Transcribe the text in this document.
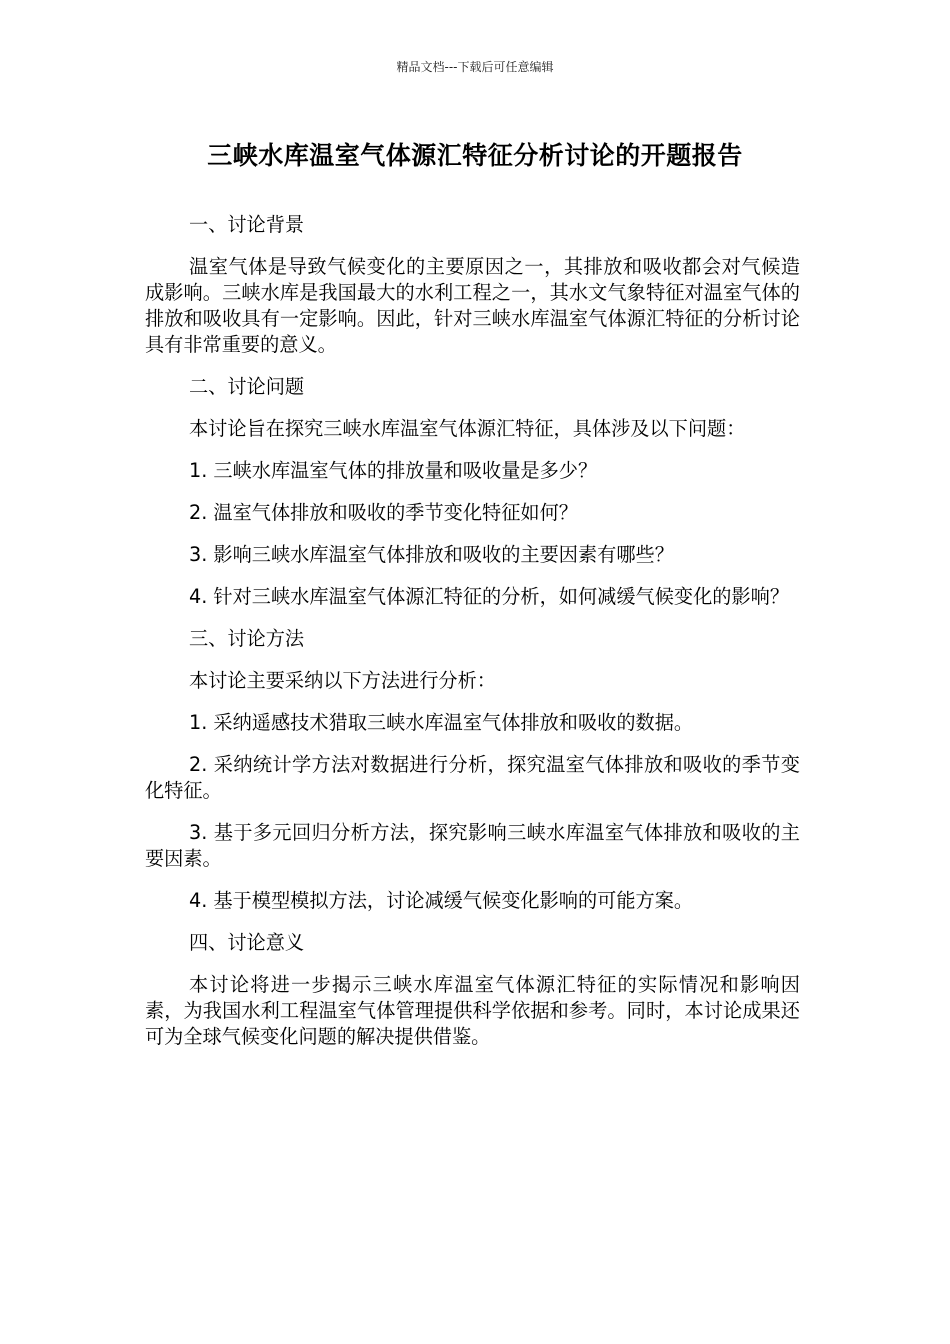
精品文档---下载后可任意编辑
三峡水库温室气体源汇特征分析讨论的开题报告

一、讨论背景

温室气体是导致气候变化的主要原因之一，其排放和吸收都会对气候造成影响。三峡水库是我国最大的水利工程之一，其水文气象特征对温室气体的排放和吸收具有一定影响。因此，针对三峡水库温室气体源汇特征的分析讨论具有非常重要的意义。

二、讨论问题

本讨论旨在探究三峡水库温室气体源汇特征，具体涉及以下问题：

1. 三峡水库温室气体的排放量和吸收量是多少？

2. 温室气体排放和吸收的季节变化特征如何？

3. 影响三峡水库温室气体排放和吸收的主要因素有哪些？

4. 针对三峡水库温室气体源汇特征的分析，如何减缓气候变化的影响？

三、讨论方法

本讨论主要采纳以下方法进行分析：

1. 采纳遥感技术猎取三峡水库温室气体排放和吸收的数据。

2. 采纳统计学方法对数据进行分析，探究温室气体排放和吸收的季节变化特征。

3. 基于多元回归分析方法，探究影响三峡水库温室气体排放和吸收的主要因素。

4. 基于模型模拟方法，讨论减缓气候变化影响的可能方案。

四、讨论意义

本讨论将进一步揭示三峡水库温室气体源汇特征的实际情况和影响因素，为我国水利工程温室气体管理提供科学依据和参考。同时，本讨论成果还可为全球气候变化问题的解决提供借鉴。
